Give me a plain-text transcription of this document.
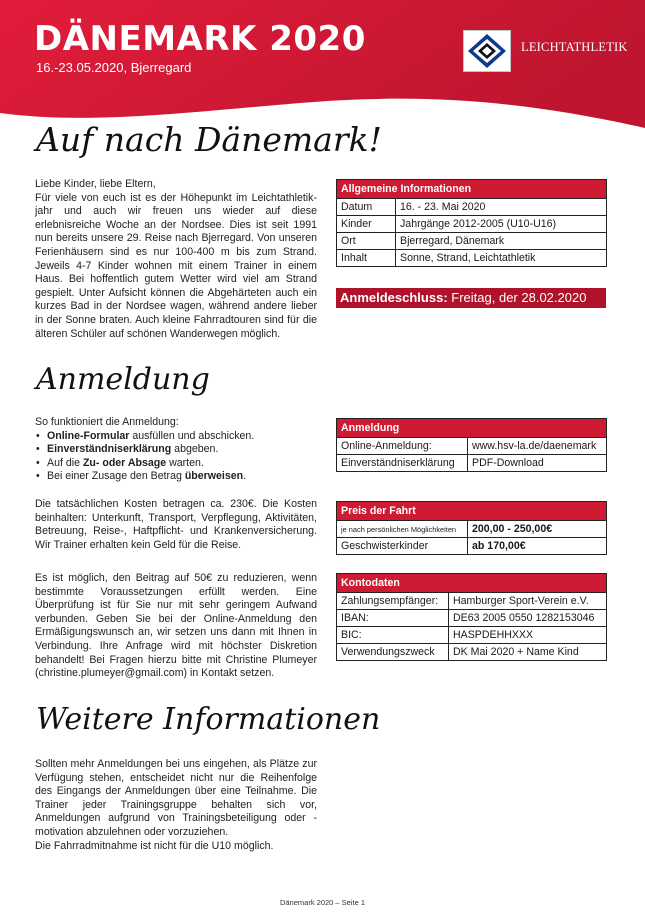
DÄNEMARK 2020
16.-23.05.2020, Bjerregard
LEICHTATHLETIK
Auf nach Dänemark!

Liebe Kinder, liebe Eltern,

Für viele von euch ist es der Höhepunkt im Leichtathletik-jahr und auch wir freuen uns wieder auf diese erlebnisreiche Woche an der Nordsee. Dies ist seit 1991 nun bereits unsere 29. Reise nach Bjerregard. Von unseren Ferienhäusern sind es nur 100-400 m bis zum Strand. Jeweils 4-7 Kinder wohnen mit einem Trainer in einem Haus. Bei hoffentlich gutem Wetter wird viel am Strand gespielt. Unter Aufsicht können die Abgehärteten auch ein kurzes Bad in der Nordsee wagen, während andere lieber in der Sonne braten. Auch kleine Fahrradtouren sind für die älteren Schüler auf schönen Wanderwegen möglich.

Allgemeine Informationen	
Datum	16. - 23. Mai 2020
Kinder	Jahrgänge 2012-2005 (U10-U16)
Ort	Bjerregard, Dänemark
Inhalt	Sonne, Strand, Leichtathletik
Anmeldeschluss: Freitag, der 28.02.2020
Anmeldung

So funktioniert die Anmeldung:

• Online-Formular ausfüllen und abschicken.
• Einverständniserklärung abgeben.
• Auf die Zu- oder Absage warten.
• Bei einer Zusage den Betrag überweisen.
Die tatsächlichen Kosten betragen ca. 230€. Die Kosten beinhalten: Unterkunft, Transport, Verpflegung, Aktivitäten, Betreuung, Reise-, Haftpflicht- und Krankenversicherung. Wir Trainer erhalten kein Geld für die Reise.
Es ist möglich, den Beitrag auf 50€ zu reduzieren, wenn bestimmte Voraussetzungen erfüllt werden. Eine Überprüfung ist für Sie nur mit sehr geringem Aufwand verbunden. Geben Sie bei der Online-Anmeldung den Ermäßigungswunsch an, wir setzen uns dann mit Ihnen in Verbindung. Ihre Anfrage wird mit höchster Diskretion behandelt! Bei Fragen hierzu bitte mit Christine Plumeyer (christine.plumeyer@gmail.com) in Kontakt setzen.
Anmeldung	
Online-Anmeldung:	www.hsv-la.de/daenemark
Einverständniserklärung	PDF-Download
Preis der Fahrt	
je nach persönlichen Möglichkeiten	200,00 - 250,00€
Geschwisterkinder	ab 170,00€
Kontodaten	
Zahlungsempfänger:	Hamburger Sport-Verein e.V.
IBAN:	DE63 2005 0550 1282153046
BIC:	HASPDEHHXXX
Verwendungszweck	DK Mai 2020 + Name Kind
Weitere Informationen

Sollten mehr Anmeldungen bei uns eingehen, als Plätze zur Verfügung stehen, entscheidet nicht nur die Reihenfolge des Eingangs der Anmeldungen über eine Teilnahme. Die Trainer jeder Trainingsgruppe behalten sich vor, Anmeldungen aufgrund von Trainingsbeteiligung oder -motivation abzulehnen oder vorzuziehen.

Die Fahrradmitnahme ist nicht für die U10 möglich.

Dänemark 2020 – Seite 1
